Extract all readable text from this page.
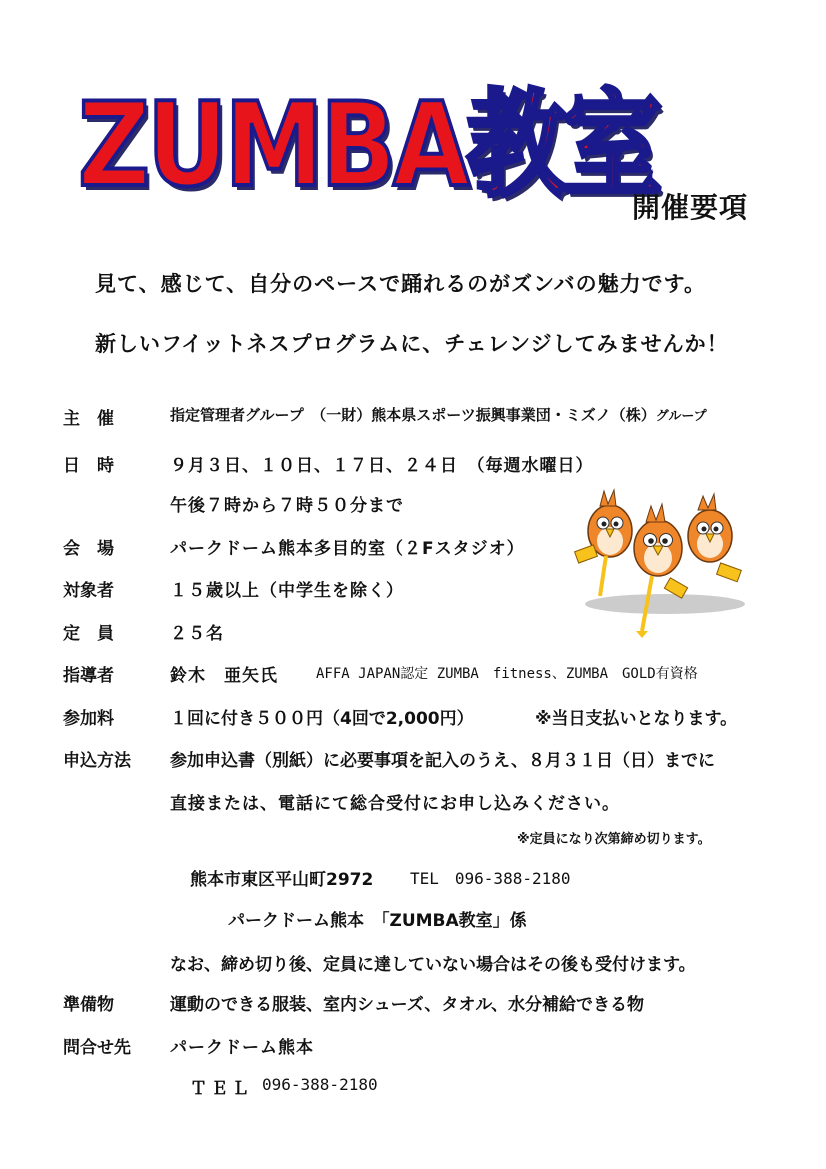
ZUMBA教室
開催要項
見て、感じて、自分のペースで踊れるのがズンバの魅力です。
新しいフイットネスプログラムに、チェレンジしてみませんか！
主　催	指定管理者グループ　（一財）熊本県スポーツ振興事業団・ミズノ（株）グループ
日　時	９月３日、１０日、１７日、２４日　（毎週水曜日）
午後７時から７時５０分まで
会　場	パークドーム熊本多目的室（２Fスタジオ）
対象者	１５歳以上（中学生を除く）
定　員	２５名
指導者	鈴木　亜矢氏	AFFA JAPAN認定 ZUMBA　fitness、ZUMBA　GOLD有資格
参加料	１回に付き５００円（4回で2,000円）	※当日支払いとなります。
申込方法	参加申込書（別紙）に必要事項を記入のうえ、８月３１日（日）までに
直接または、電話にて総合受付にお申し込みください。
※定員になり次第締め切ります。
熊本市東区平山町2972 TEL　096-388-2180
パークドーム熊本　「ZUMBA教室」係
なお、締め切り後、定員に達していない場合はその後も受付けます。
準備物	運動のできる服装、室内シューズ、タオル、水分補給できる物
問合せ先	パークドーム熊本
ＴＥＬ 096-388-2180
